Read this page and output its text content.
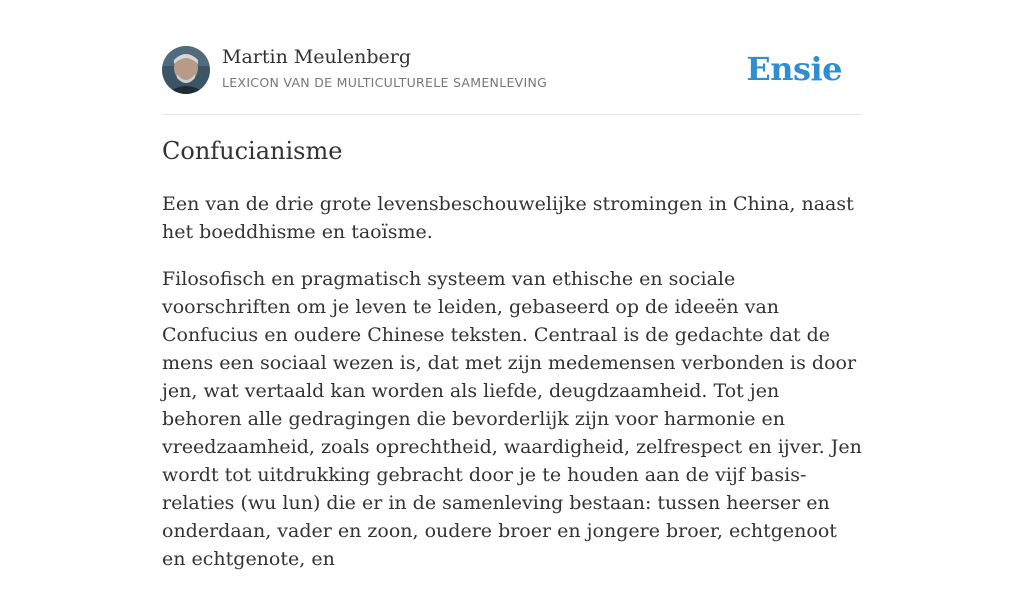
Martin Meulenberg
LEXICON VAN DE MULTICULTURELE SAMENLEVING	Ensie
Confucianisme

Een van de drie grote levensbeschouwelijke stromingen in China, naast het boeddhisme en taoïsme.

Filosofisch en pragmatisch systeem van ethische en sociale voorschriften om je leven te leiden, gebaseerd op de ideeën van Confucius en oudere Chinese teksten. Centraal is de gedachte dat de mens een sociaal wezen is, dat met zijn medemensen verbonden is door jen, wat vertaald kan worden als liefde, deugdzaamheid. Tot jen behoren alle gedragingen die bevorderlijk zijn voor harmonie en vreedzaamheid, zoals oprechtheid, waardigheid, zelfrespect en ijver. Jen wordt tot uitdrukking gebracht door je te houden aan de vijf basis-relaties (wu lun) die er in de samenleving bestaan: tussen heerser en onderdaan, vader en zoon, oudere broer en jongere broer, echtgenoot en echtgenote, en
